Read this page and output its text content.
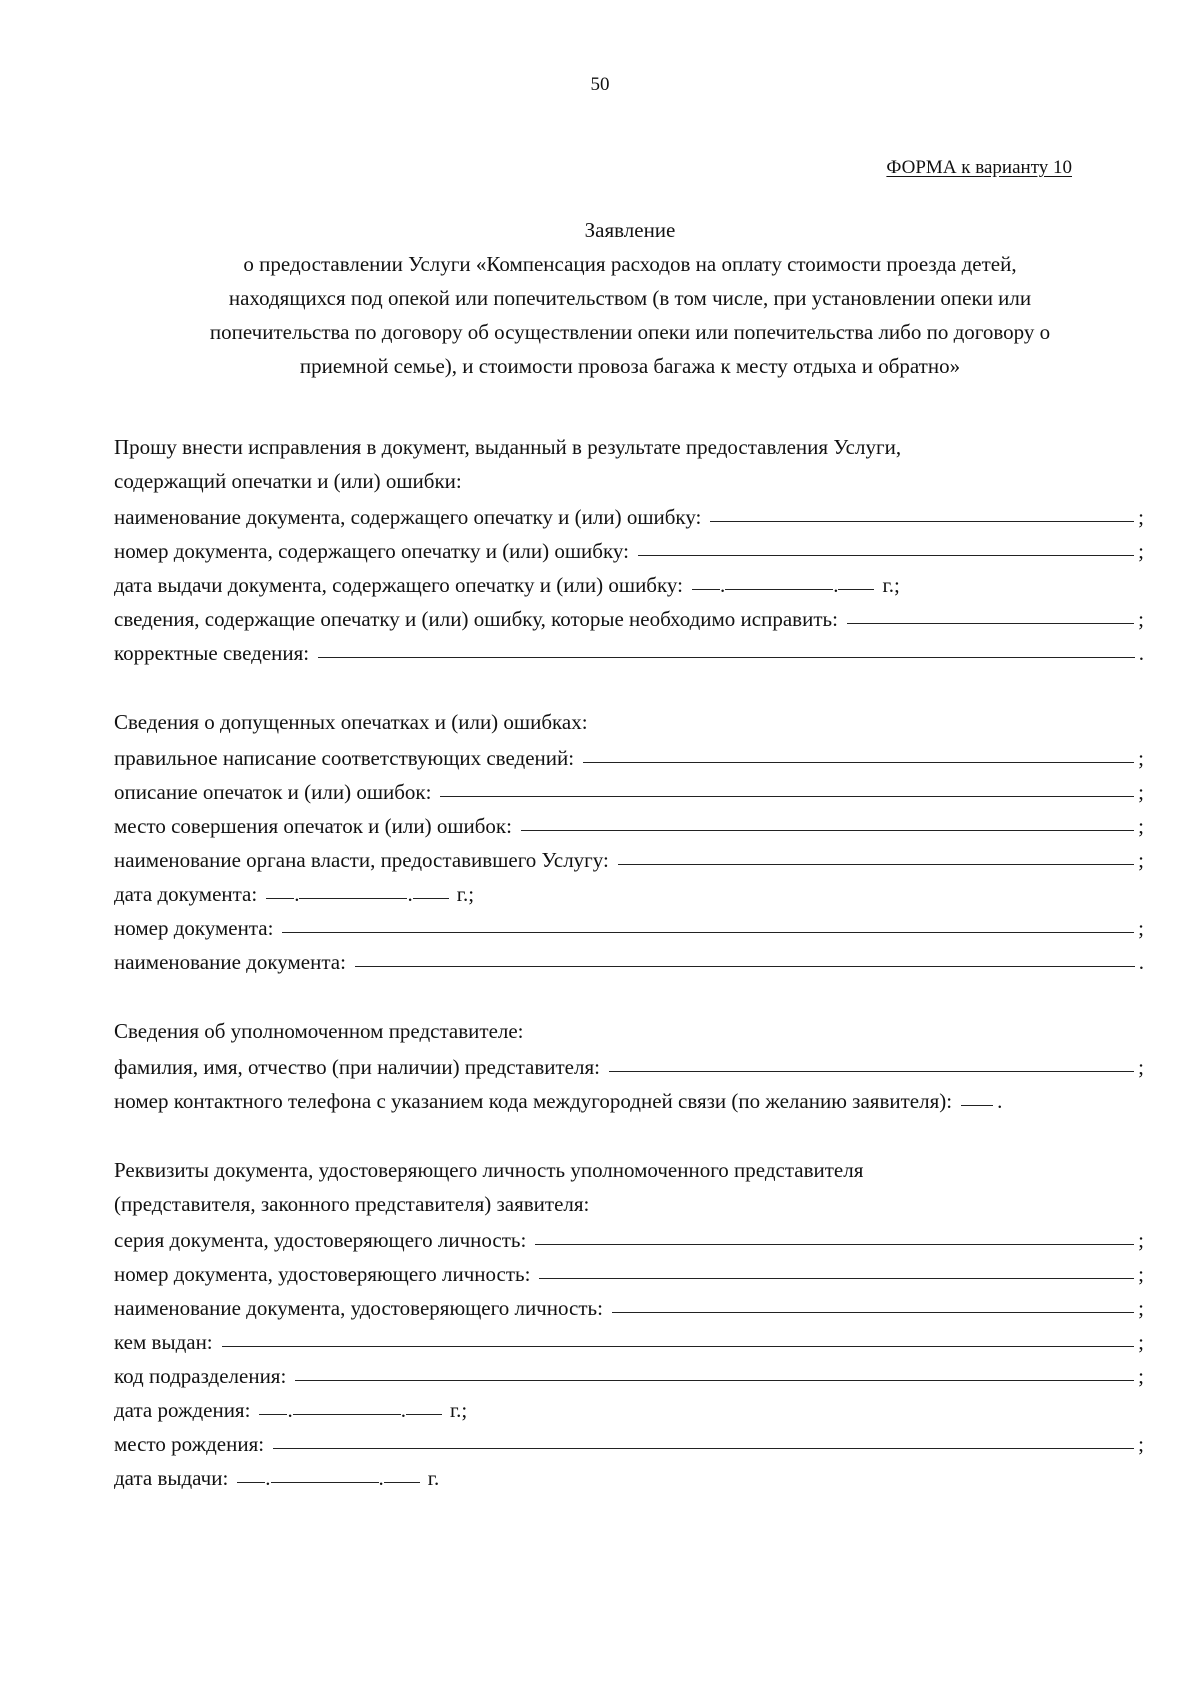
50
ФОРМА к варианту 10
Заявление
о предоставлении Услуги «Компенсация расходов на оплату стоимости проезда детей,
находящихся под опекой или попечительством (в том числе, при установлении опеки или
попечительства по договору об осуществлении опеки или попечительства либо по договору о
приемной семье), и стоимости провоза багажа к месту отдыха и обратно»
Прошу внести исправления в документ, выданный в результате предоставления Услуги,
содержащий опечатки и (или) ошибки:
наименование документа, содержащего опечатку и (или) ошибку:	;
номер документа, содержащего опечатку и (или) ошибку:	;
дата выдачи документа, содержащего опечатку и (или) ошибку: .	. г.;
сведения, содержащие опечатку и (или) ошибку, которые необходимо исправить:	;
корректные сведения:	.
Сведения о допущенных опечатках и (или) ошибках:
правильное написание соответствующих сведений:	;
описание опечаток и (или) ошибок:	;
место совершения опечаток и (или) ошибок:	;
наименование органа власти, предоставившего Услугу:	;
дата документа: .	. г.;
номер документа:	;
наименование документа:	.
Сведения об уполномоченном представителе:
фамилия, имя, отчество (при наличии) представителя:	;
номер контактного телефона с указанием кода междугородней связи (по желанию заявителя): .
Реквизиты документа, удостоверяющего личность уполномоченного представителя
(представителя, законного представителя) заявителя:
серия документа, удостоверяющего личность:	;
номер документа, удостоверяющего личность:	;
наименование документа, удостоверяющего личность:	;
кем выдан:	;
код подразделения:	;
дата рождения: .	. г.;
место рождения:	;
дата выдачи: .	. г.
